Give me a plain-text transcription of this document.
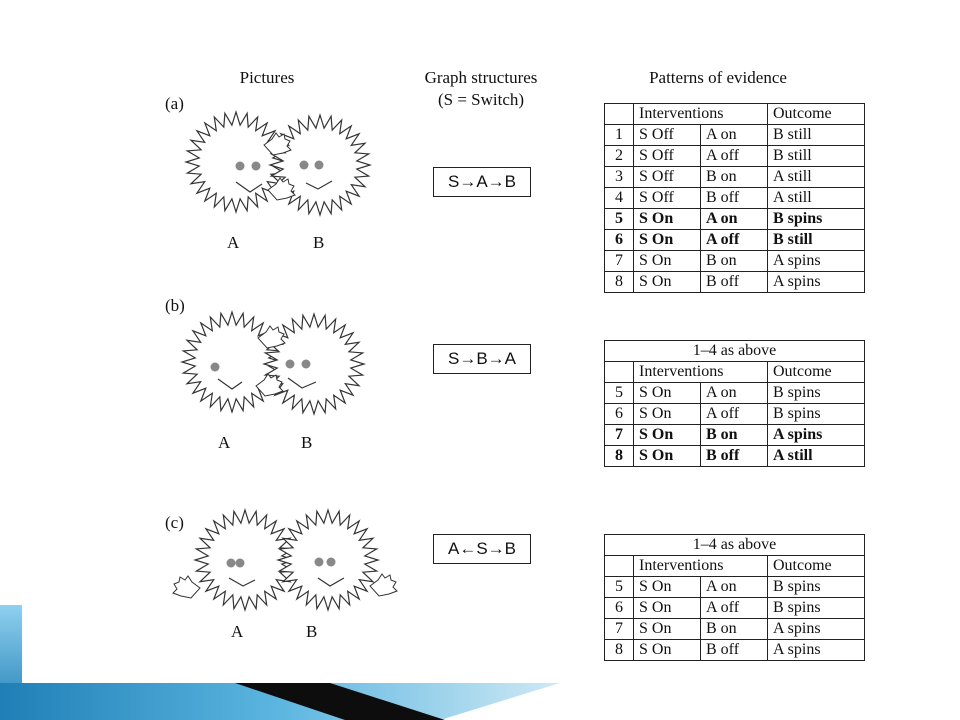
Pictures	Graph structures
(S = Switch)
Patterns of evidence
(a)
(b)
(c)
A	B
A	B
A	B
S→A→B
S→B→A
A←S→B
	Interventions		Outcome
1	S Off	A on	B still
2	S Off	A off	B still
3	S Off	B on	A still
4	S Off	B off	A still
5	S On	A on	B spins
6	S On	A off	B still
7	S On	B on	A spins
8	S On	B off	A spins
1–4 as above			
	Interventions		Outcome
5	S On	A on	B spins
6	S On	A off	B spins
7	S On	B on	A spins
8	S On	B off	A still
1–4 as above			
	Interventions		Outcome
5	S On	A on	B spins
6	S On	A off	B spins
7	S On	B on	A spins
8	S On	B off	A spins
